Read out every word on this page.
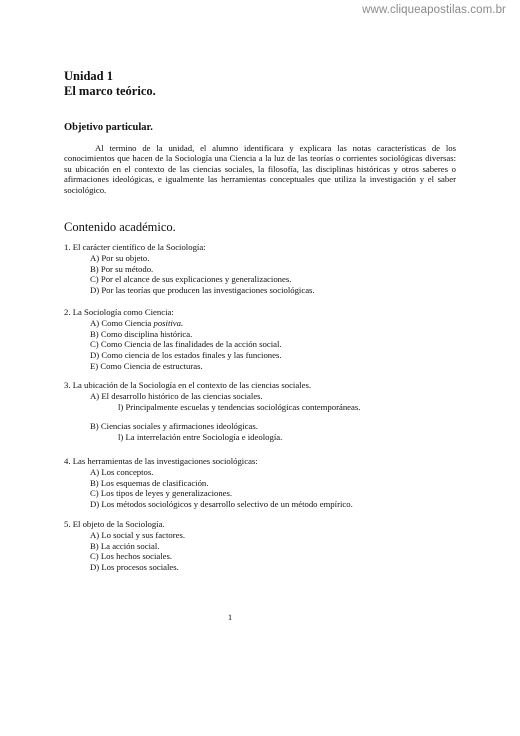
www.cliqueapostilas.com.br
Unidad 1
El marco teórico.
Objetivo particular.

Al termino de la unidad, el alumno identificara y explicara las notas características de los conocimientos que hacen de la Sociología una Ciencia a la luz de las teorías o corrientes sociológicas diversas: su ubicación en el contexto de las ciencias sociales, la filosofía, las disciplinas históricas y otros saberes o afirmaciones ideológicas, e igualmente las herramientas conceptuales que utiliza la investigación y el saber sociológico.

Contenido académico.
1. El carácter científico de la Sociología:
A) Por su objeto.
B) Por su método.
C) Por el alcance de sus explicaciones y generalizaciones.
D) Por las teorías que producen las investigaciones sociológicas.
2. La Sociología como Ciencia:
A) Como Ciencia positiva.
B) Como disciplina histórica.
C) Como Ciencia de las finalidades de la acción social.
D) Como ciencia de los estados finales y las funciones.
E) Como Ciencia de estructuras.
3. La ubicación de la Sociología en el contexto de las ciencias sociales.
A) El desarrollo histórico de las ciencias sociales.
l) Principalmente escuelas y tendencias sociológicas contemporáneas.
B) Ciencias sociales y afirmaciones ideológicas.
l) La interrelación entre Sociología e ideología.
4. Las herramientas de las investigaciones sociológicas:
A) Los conceptos.
B) Los esquemas de clasificación.
C) Los tipos de leyes y generalizaciones.
D) Los métodos sociológicos y desarrollo selectivo de un método empírico.
5. El objeto de la Sociología.
A) Lo social y sus factores.
B) La acción social.
C) Los hechos sociales.
D) Los procesos sociales.
1
